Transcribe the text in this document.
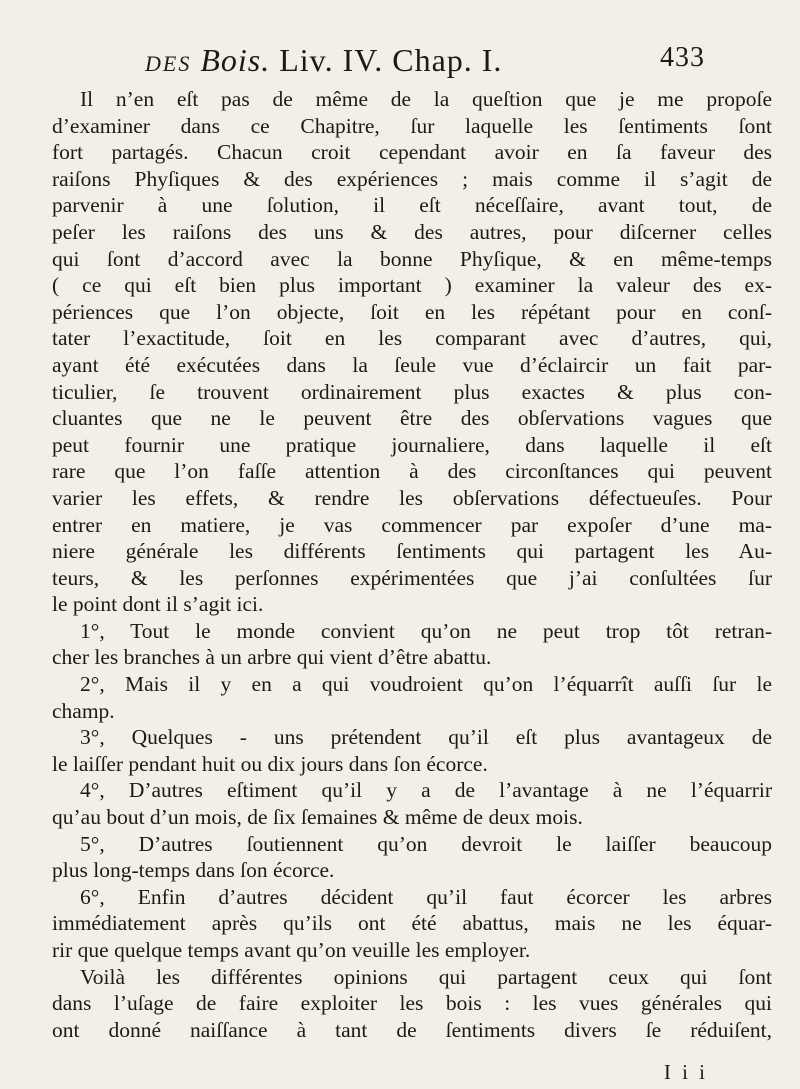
DES Bois. Liv. IV. Chap. I.	433
Il n’en eſt pas de même de la queſtion que je me propoſe
d’examiner dans ce Chapitre, ſur laquelle les ſentiments ſont
fort partagés. Chacun croit cependant avoir en ſa faveur des
raiſons Phyſiques & des expériences ; mais comme il s’agit de
parvenir à une ſolution, il eſt néceſſaire, avant tout, de
peſer les raiſons des uns & des autres, pour diſcerner celles
qui ſont d’accord avec la bonne Phyſique, & en même-temps
( ce qui eſt bien plus important ) examiner la valeur des ex-
périences que l’on objecte, ſoit en les répétant pour en conſ-
tater l’exactitude, ſoit en les comparant avec d’autres, qui,
ayant été exécutées dans la ſeule vue d’éclaircir un fait par-
ticulier, ſe trouvent ordinairement plus exactes & plus con-
cluantes que ne le peuvent être des obſervations vagues que
peut fournir une pratique journaliere, dans laquelle il eſt
rare que l’on faſſe attention à des circonſtances qui peuvent
varier les effets, & rendre les obſervations défectueuſes. Pour
entrer en matiere, je vas commencer par expoſer d’une ma-
niere générale les différents ſentiments qui partagent les Au-
teurs, & les perſonnes expérimentées que j’ai conſultées ſur
le point dont il s’agit ici.
1°, Tout le monde convient qu’on ne peut trop tôt retran-
cher les branches à un arbre qui vient d’être abattu.
2°, Mais il y en a qui voudroient qu’on l’équarrît auſſi ſur le
champ.
3°, Quelques - uns prétendent qu’il eſt plus avantageux de
le laiſſer pendant huit ou dix jours dans ſon écorce.
4°, D’autres eſtiment qu’il y a de l’avantage à ne l’équarrir
qu’au bout d’un mois, de ſix ſemaines & même de deux mois.
5°, D’autres ſoutiennent qu’on devroit le laiſſer beaucoup
plus long-temps dans ſon écorce.
6°, Enfin d’autres décident qu’il faut écorcer les arbres
immédiatement après qu’ils ont été abattus, mais ne les équar-
rir que quelque temps avant qu’on veuille les employer.
Voilà les différentes opinions qui partagent ceux qui ſont
dans l’uſage de faire exploiter les bois : les vues générales qui
ont donné naiſſance à tant de ſentiments divers ſe réduiſent,
I i i
